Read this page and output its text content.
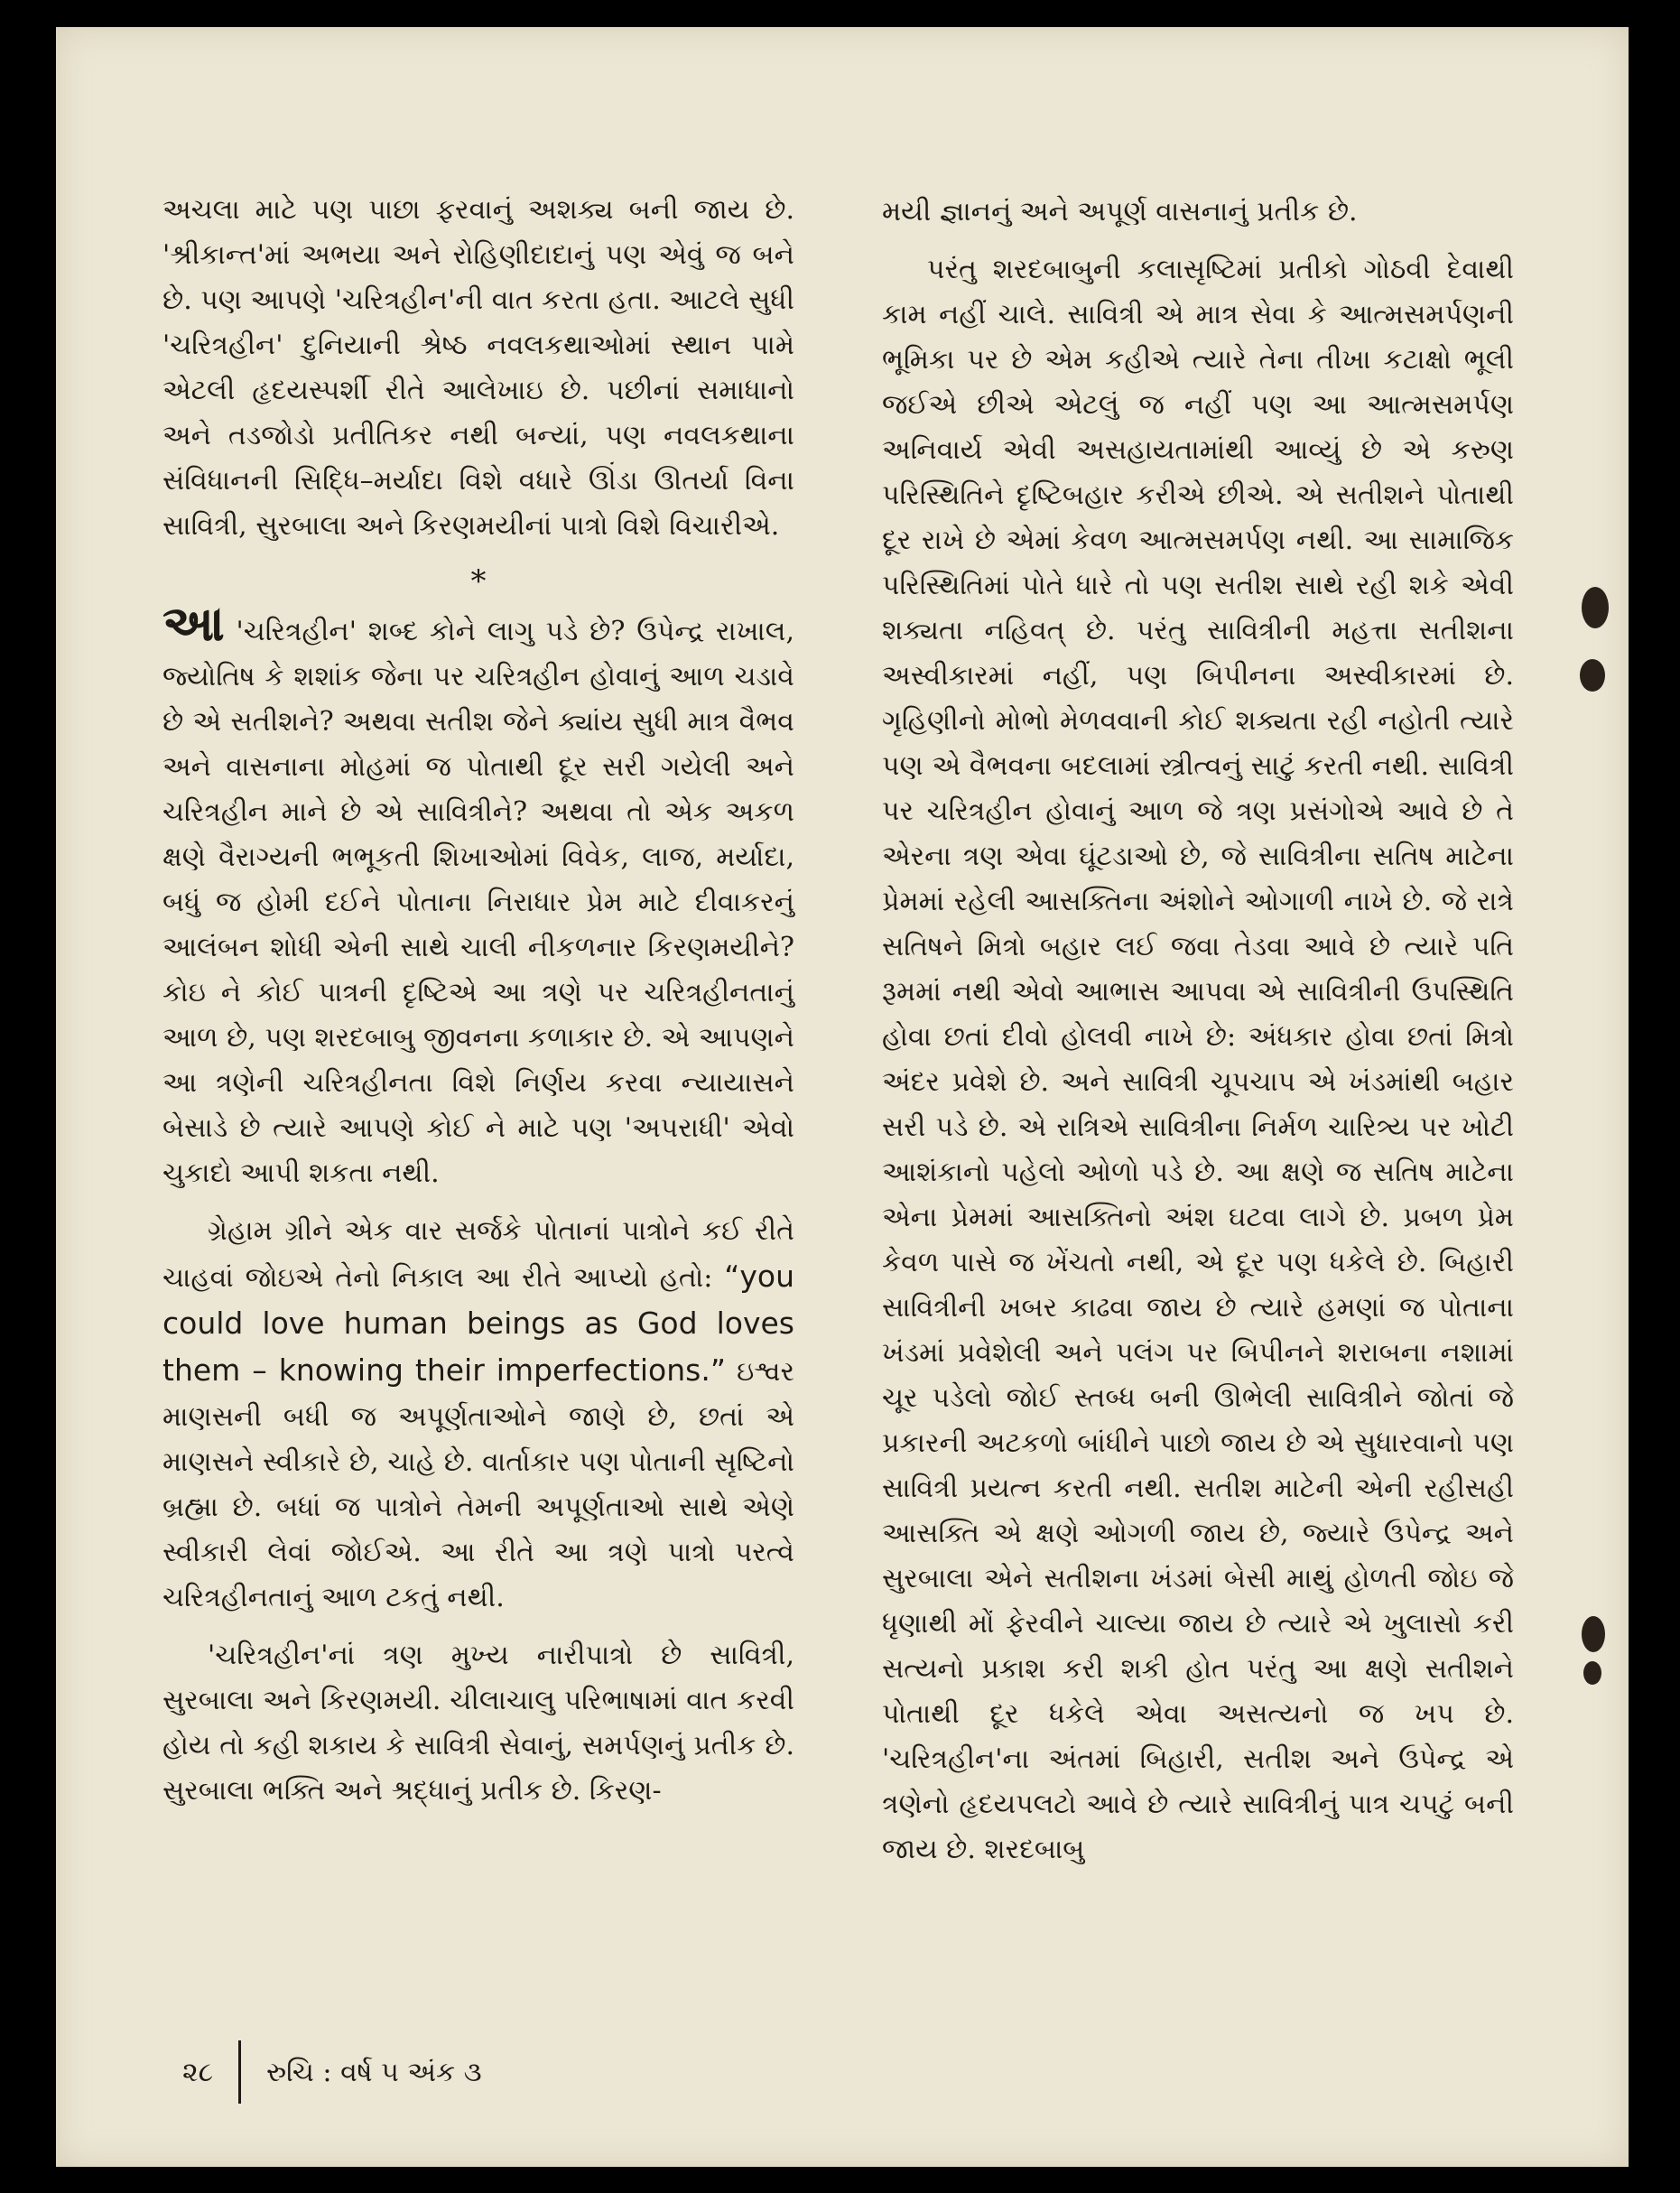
અચલા માટે પણ પાછા ફરવાનું અશક્ય બની જાય છે. 'શ્રીકાન્ત'માં અભયા અને રોહિણીદાદાનું પણ એવું જ બને છે. પણ આપણે 'ચરિત્રહીન'ની વાત કરતા હતા. આટલે સુધી 'ચરિત્રહીન' દુનિયાની શ્રેષ્ઠ નવલકથાઓમાં સ્થાન પામે એટલી હૃદયસ્પર્શી રીતે આલેખાઇ છે. પછીનાં સમાધાનો અને તડજોડો પ્રતીતિકર નથી બન્યાં, પણ નવલકથાના સંવિધાનની સિદ્ધિ–મર્યાદા વિશે વધારે ઊંડા ઊતર્યા વિના સાવિત્રી, સુરબાલા અને કિરણમયીનાં પાત્રો વિશે વિચારીએ.

*

આ 'ચરિત્રહીન' શબ્દ કોને લાગુ પડે છે? ઉપેન્દ્ર રાખાલ, જ્યોતિષ કે શશાંક જેના પર ચરિત્રહીન હોવાનું આળ ચડાવે છે એ સતીશને? અથવા સતીશ જેને ક્યાંય સુધી માત્ર વૈભવ અને વાસનાના મોહમાં જ પોતાથી દૂર સરી ગયેલી અને ચરિત્રહીન માને છે એ સાવિત્રીને? અથવા તો એક અકળ ક્ષણે વૈરાગ્યની ભભૂકતી શિખાઓમાં વિવેક, લાજ, મર્યાદા, બધું જ હોમી દઈને પોતાના નિરાધાર પ્રેમ માટે દીવાકરનું આલંબન શોધી એની સાથે ચાલી નીકળનાર કિરણમયીને? કોઇ ને કોઈ પાત્રની દૃષ્ટિએ આ ત્રણે પર ચરિત્રહીનતાનું આળ છે, પણ શરદબાબુ જીવનના કળાકાર છે. એ આપણને આ ત્રણેની ચરિત્રહીનતા વિશે નિર્ણય કરવા ન્યાયાસને બેસાડે છે ત્યારે આપણે કોઈ ને માટે પણ 'અપરાધી' એવો ચુકાદો આપી શકતા નથી.

ગ્રેહામ ગ્રીને એક વાર સર્જકે પોતાનાં પાત્રોને કઈ રીતે ચાહવાં જોઇએ તેનો નિકાલ આ રીતે આપ્યો હતો: “you could love human beings as God loves them – knowing their imperfections.” ઇશ્વર માણસની બધી જ અપૂર્ણતાઓને જાણે છે, છતાં એ માણસને સ્વીકારે છે, ચાહે છે. વાર્તાકાર પણ પોતાની સૃષ્ટિનો બ્રહ્મા છે. બધાં જ પાત્રોને તેમની અપૂર્ણતાઓ સાથે એણે સ્વીકારી લેવાં જોઈએ. આ રીતે આ ત્રણે પાત્રો પરત્વે ચરિત્રહીનતાનું આળ ટકતું નથી.

'ચરિત્રહીન'નાં ત્રણ મુખ્ય નારીપાત્રો છે સાવિત્રી, સુરબાલા અને કિરણમયી. ચીલાચાલુ પરિભાષામાં વાત કરવી હોય તો કહી શકાય કે સાવિત્રી સેવાનું, સમર્પણનું પ્રતીક છે. સુરબાલા ભક્તિ અને શ્રદ્ધાનું પ્રતીક છે. કિરણ-

મયી જ્ઞાનનું અને અપૂર્ણ વાસનાનું પ્રતીક છે.

પરંતુ શરદબાબુની કલાસૃષ્ટિમાં પ્રતીકો ગોઠવી દેવાથી કામ નહીં ચાલે. સાવિત્રી એ માત્ર સેવા કે આત્મસમર્પણની ભૂમિકા પર છે એમ કહીએ ત્યારે તેના તીખા કટાક્ષો ભૂલી જઈએ છીએ એટલું જ નહીં પણ આ આત્મસમર્પણ અનિવાર્ય એવી અસહાયતામાંથી આવ્યું છે એ કરુણ પરિસ્થિતિને દૃષ્ટિબહાર કરીએ છીએ. એ સતીશને પોતાથી દૂર રાખે છે એમાં કેવળ આત્મસમર્પણ નથી. આ સામાજિક પરિસ્થિતિમાં પોતે ધારે તો પણ સતીશ સાથે રહી શકે એવી શક્યતા નહિવત્ છે. પરંતુ સાવિત્રીની મહત્તા સતીશના અસ્વીકારમાં નહીં, પણ બિપીનના અસ્વીકારમાં છે. ગૃહિણીનો મોભો મેળવવાની કોઈ શક્યતા રહી નહોતી ત્યારે પણ એ વૈભવના બદલામાં સ્ત્રીત્વનું સાટું કરતી નથી. સાવિત્રી પર ચરિત્રહીન હોવાનું આળ જે ત્રણ પ્રસંગોએ આવે છે તે એરના ત્રણ એવા ઘૂંટડાઓ છે, જે સાવિત્રીના સતિષ માટેના પ્રેમમાં રહેલી આસક્તિના અંશોને ઓગાળી નાખે છે. જે રાત્રે સતિષને મિત્રો બહાર લઈ જવા તેડવા આવે છે ત્યારે પતિ રૂમમાં નથી એવો આભાસ આપવા એ સાવિત્રીની ઉપસ્થિતિ હોવા છતાં દીવો હોલવી નાખે છે: અંધકાર હોવા છતાં મિત્રો અંદર પ્રવેશે છે. અને સાવિત્રી ચૂપચાપ એ ખંડમાંથી બહાર સરી પડે છે. એ રાત્રિએ સાવિત્રીના નિર્મળ ચારિત્ર્ય પર ખોટી આશંકાનો પહેલો ઓળો પડે છે. આ ક્ષણે જ સતિષ માટેના એના પ્રેમમાં આસક્તિનો અંશ ઘટવા લાગે છે. પ્રબળ પ્રેમ કેવળ પાસે જ ખેંચતો નથી, એ દૂર પણ ધકેલે છે. બિહારી સાવિત્રીની ખબર કાઢવા જાય છે ત્યારે હમણાં જ પોતાના ખંડમાં પ્રવેશેલી અને પલંગ પર બિપીનને શરાબના નશામાં ચૂર પડેલો જોઈ સ્તબ્ધ બની ઊભેલી સાવિત્રીને જોતાં જે પ્રકારની અટકળો બાંધીને પાછો જાય છે એ સુધારવાનો પણ સાવિત્રી પ્રયત્ન કરતી નથી. સતીશ માટેની એની રહીસહી આસક્તિ એ ક્ષણે ઓગળી જાય છે, જ્યારે ઉપેન્દ્ર અને સુરબાલા એને સતીશના ખંડમાં બેસી માથું હોળતી જોઇ જે ધૃણાથી મોં ફેરવીને ચાલ્યા જાય છે ત્યારે એ ખુલાસો કરી સત્યનો પ્રકાશ કરી શકી હોત પરંતુ આ ક્ષણે સતીશને પોતાથી દૂર ધકેલે એવા અસત્યનો જ ખપ છે. 'ચરિત્રહીન'ના અંતમાં બિહારી, સતીશ અને ઉપેન્દ્ર એ ત્રણેનો હૃદયપલટો આવે છે ત્યારે સાવિત્રીનું પાત્ર ચપટું બની જાય છે. શરદબાબુ

૨૮ રુચિ : વર્ષ ૫ અંક ૩
